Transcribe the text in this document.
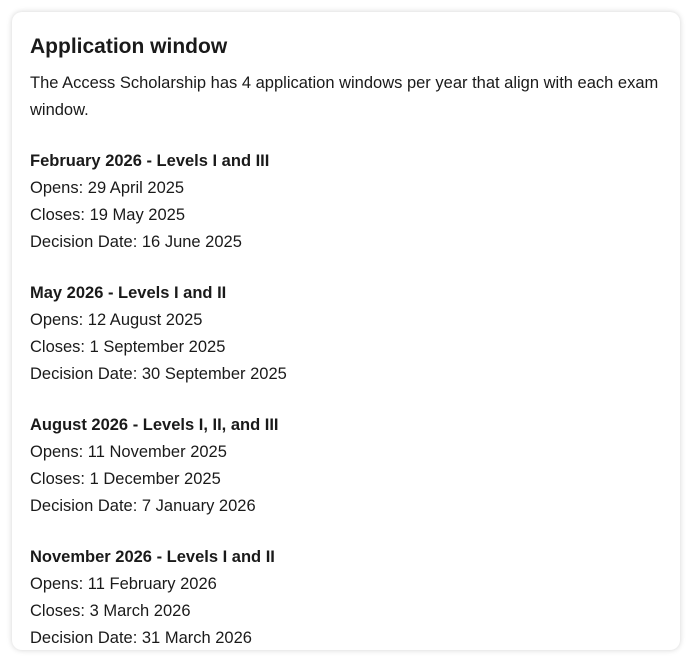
Application window

The Access Scholarship has 4 application windows per year that align with each exam window.

February 2026 - Levels I and III
Opens: 29 April 2025
Closes: 19 May 2025
Decision Date: 16 June 2025
May 2026 - Levels I and II
Opens: 12 August 2025
Closes: 1 September 2025
Decision Date: 30 September 2025
August 2026 - Levels I, II, and III
Opens: 11 November 2025
Closes: 1 December 2025
Decision Date: 7 January 2026
November 2026 - Levels I and II
Opens: 11 February 2026
Closes: 3 March 2026
Decision Date: 31 March 2026
